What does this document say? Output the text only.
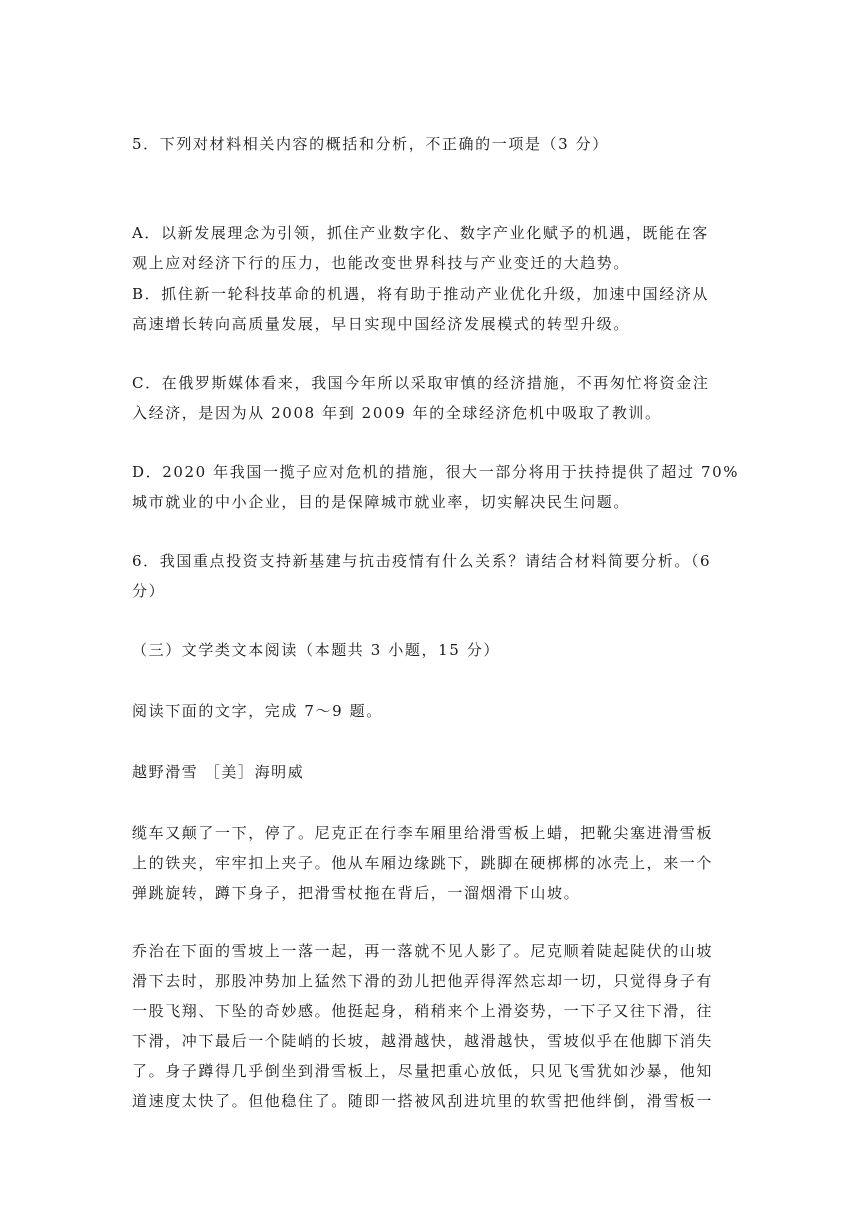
5．下列对材料相关内容的概括和分析，不正确的一项是（3 分）

A．以新发展理念为引领，抓住产业数字化、数字产业化赋予的机遇，既能在客
观上应对经济下行的压力，也能改变世界科技与产业变迁的大趋势。

B．抓住新一轮科技革命的机遇，将有助于推动产业优化升级，加速中国经济从
高速增长转向高质量发展，早日实现中国经济发展模式的转型升级。

C．在俄罗斯媒体看来，我国今年所以采取审慎的经济措施，不再匆忙将资金注
入经济，是因为从 2008 年到 2009 年的全球经济危机中吸取了教训。

D．2020 年我国一揽子应对危机的措施，很大一部分将用于扶持提供了超过 70%
城市就业的中小企业，目的是保障城市就业率，切实解决民生问题。

6．我国重点投资支持新基建与抗击疫情有什么关系？请结合材料简要分析。（6
分）

（三）文学类文本阅读（本题共 3 小题，15 分）

阅读下面的文字，完成 7～9 题。

越野滑雪 ［美］海明威

缆车又颠了一下，停了。尼克正在行李车厢里给滑雪板上蜡，把靴尖塞进滑雪板
上的铁夹，牢牢扣上夹子。他从车厢边缘跳下，跳脚在硬梆梆的冰壳上，来一个
弹跳旋转，蹲下身子，把滑雪杖拖在背后，一溜烟滑下山坡。

乔治在下面的雪坡上一落一起，再一落就不见人影了。尼克顺着陡起陡伏的山坡
滑下去时，那股冲势加上猛然下滑的劲儿把他弄得浑然忘却一切，只觉得身子有
一股飞翔、下坠的奇妙感。他挺起身，稍稍来个上滑姿势，一下子又往下滑，往
下滑，冲下最后一个陡峭的长坡，越滑越快，越滑越快，雪坡似乎在他脚下消失
了。身子蹲得几乎倒坐到滑雪板上，尽量把重心放低，只见飞雪犹如沙暴，他知
道速度太快了。但他稳住了。随即一搭被风刮进坑里的软雪把他绊倒，滑雪板一
